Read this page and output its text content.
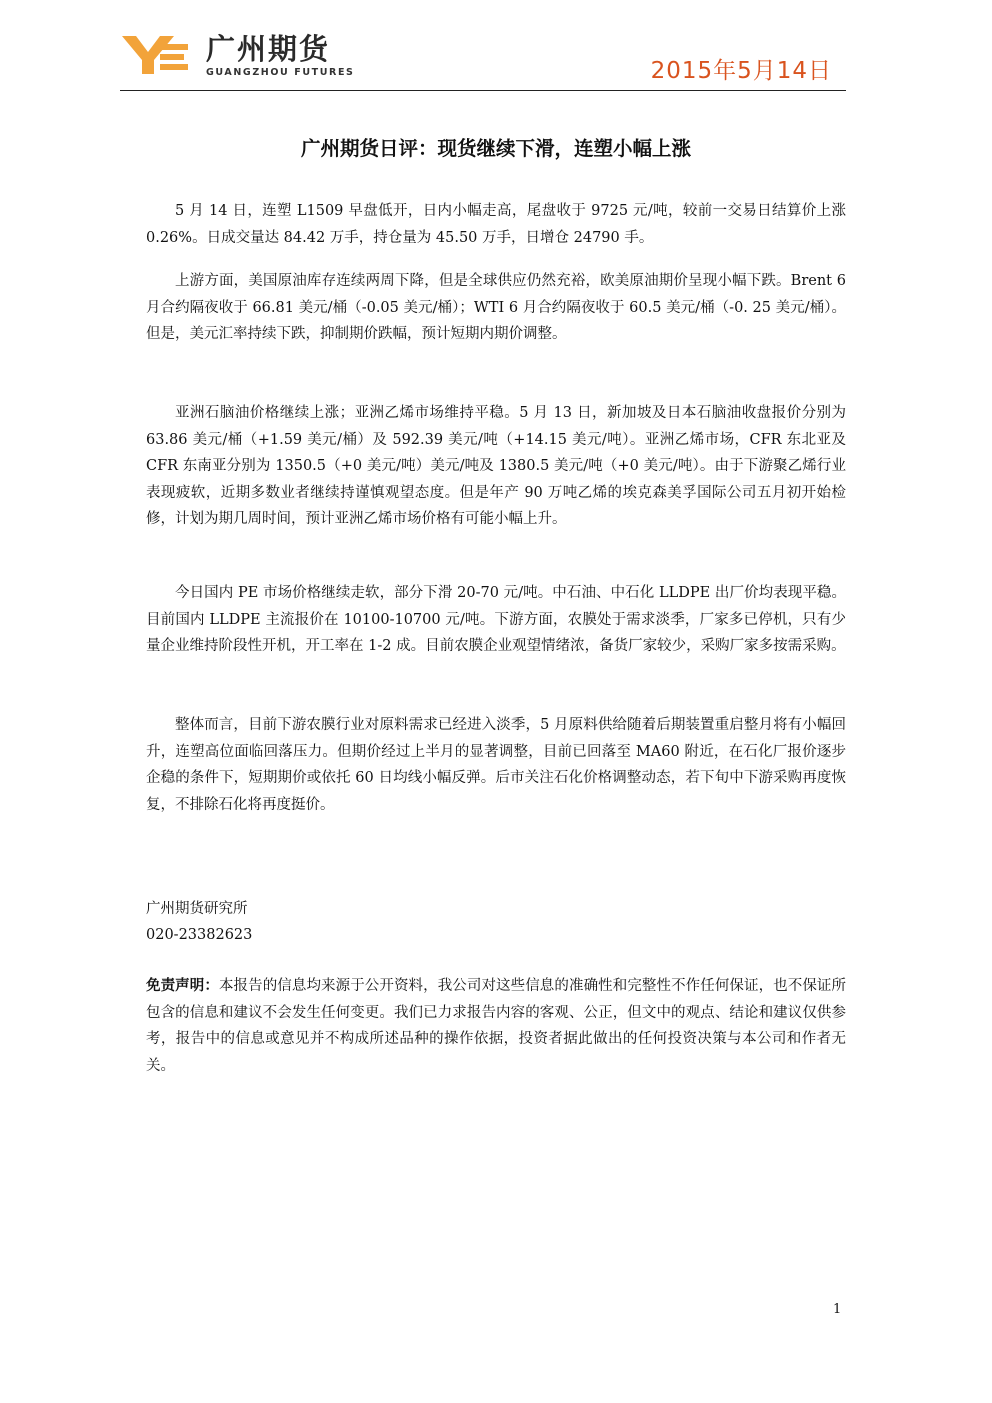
广州期货
GUANGZHOU FUTURES	2015年5月14日
广州期货日评：现货继续下滑，连塑小幅上涨

5 月 14 日，连塑 L1509 早盘低开，日内小幅走高，尾盘收于 9725 元/吨，较前一交易日结算价上涨 0.26%。日成交量达 84.42 万手，持仓量为 45.50 万手，日增仓 24790 手。

上游方面，美国原油库存连续两周下降，但是全球供应仍然充裕，欧美原油期价呈现小幅下跌。Brent 6 月合约隔夜收于 66.81 美元/桶（-0.05 美元/桶）；WTI 6 月合约隔夜收于 60.5 美元/桶（-0. 25 美元/桶）。但是，美元汇率持续下跌，抑制期价跌幅，预计短期内期价调整。

亚洲石脑油价格继续上涨；亚洲乙烯市场维持平稳。5 月 13 日，新加坡及日本石脑油收盘报价分别为 63.86 美元/桶（+1.59 美元/桶）及 592.39 美元/吨（+14.15 美元/吨）。亚洲乙烯市场，CFR 东北亚及 CFR 东南亚分别为 1350.5（+0 美元/吨）美元/吨及 1380.5 美元/吨（+0 美元/吨）。由于下游聚乙烯行业表现疲软，近期多数业者继续持谨慎观望态度。但是年产 90 万吨乙烯的埃克森美孚国际公司五月初开始检修，计划为期几周时间，预计亚洲乙烯市场价格有可能小幅上升。

今日国内 PE 市场价格继续走软，部分下滑 20-70 元/吨。中石油、中石化 LLDPE 出厂价均表现平稳。目前国内 LLDPE 主流报价在 10100-10700 元/吨。下游方面，农膜处于需求淡季，厂家多已停机，只有少量企业维持阶段性开机，开工率在 1-2 成。目前农膜企业观望情绪浓，备货厂家较少，采购厂家多按需采购。

整体而言，目前下游农膜行业对原料需求已经进入淡季，5 月原料供给随着后期装置重启整月将有小幅回升，连塑高位面临回落压力。但期价经过上半月的显著调整，目前已回落至 MA60 附近，在石化厂报价逐步企稳的条件下，短期期价或依托 60 日均线小幅反弹。后市关注石化价格调整动态，若下旬中下游采购再度恢复，不排除石化将再度挺价。

广州期货研究所

020-23382623

免责声明：本报告的信息均来源于公开资料，我公司对这些信息的准确性和完整性不作任何保证，也不保证所包含的信息和建议不会发生任何变更。我们已力求报告内容的客观、公正，但文中的观点、结论和建议仅供参考，报告中的信息或意见并不构成所述品种的操作依据，投资者据此做出的任何投资决策与本公司和作者无关。

1
